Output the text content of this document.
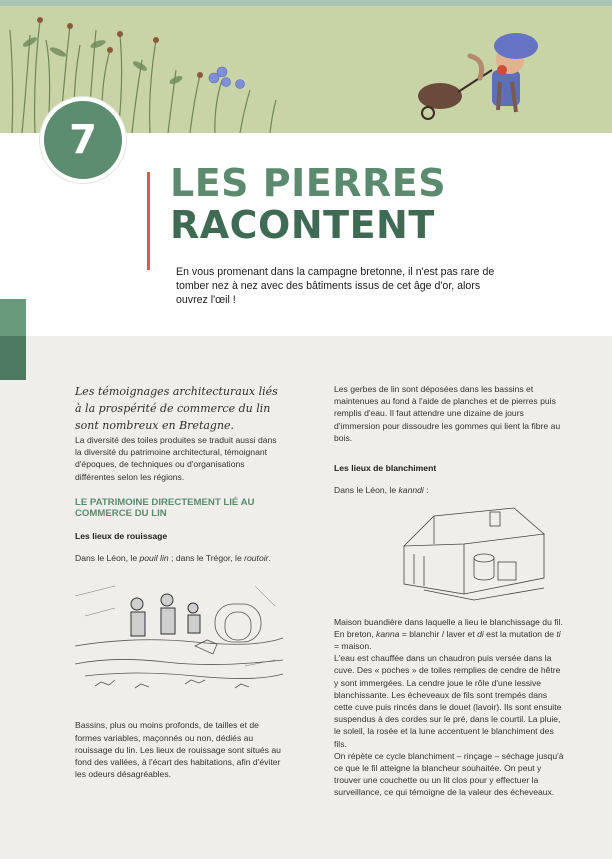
7
LES PIERRES
RACONTENT

En vous promenant dans la campagne bretonne, il n'est pas rare de tomber nez à nez avec des bâtiments issus de cet âge d'or, alors ouvrez l'œil !

Les témoignages architecturaux liés à la prospérité de commerce du lin sont nombreux en Bretagne.

La diversité des toiles produites se traduit aussi dans la diversité du patrimoine architectural, témoignant d'époques, de techniques ou d'organisations différentes selon les régions.

LE PATRIMOINE DIRECTEMENT LIÉ AU COMMERCE DU LIN

Les lieux de rouissage

Dans le Léon, le pouil lin ; dans le Trégor, le routoir.

Bassins, plus ou moins profonds, de tailles et de formes variables, maçonnés ou non, dédiés au rouissage du lin. Les lieux de rouissage sont situés au fond des vallées, à l'écart des habitations, afin d'éviter les odeurs désagréables.

Les gerbes de lin sont déposées dans les bassins et maintenues au fond à l'aide de planches et de pierres puis remplis d'eau. Il faut attendre une dizaine de jours d'immersion pour dissoudre les gommes qui lient la fibre au bois.

Les lieux de blanchiment

Dans le Léon, le kanndi :

Maison buandière dans laquelle a lieu le blanchissage du fil. En breton, kanna = blanchir / laver et di est la mutation de ti = maison.

L'eau est chauffée dans un chaudron puis versée dans la cuve. Des « poches » de toiles remplies de cendre de hêtre y sont immergées. La cendre joue le rôle d'une lessive blanchissante. Les écheveaux de fils sont trempés dans cette cuve puis rincés dans le douet (lavoir). Ils sont ensuite suspendus à des cordes sur le pré, dans le courtil. La pluie, le soleil, la rosée et la lune accentuent le blanchiment des fils.

On répète ce cycle blanchiment – rinçage – séchage jusqu'à ce que le fil atteigne la blancheur souhaitée. On peut y trouver une couchette ou un lit clos pour y effectuer la surveillance, ce qui témoigne de la valeur des écheveaux.
